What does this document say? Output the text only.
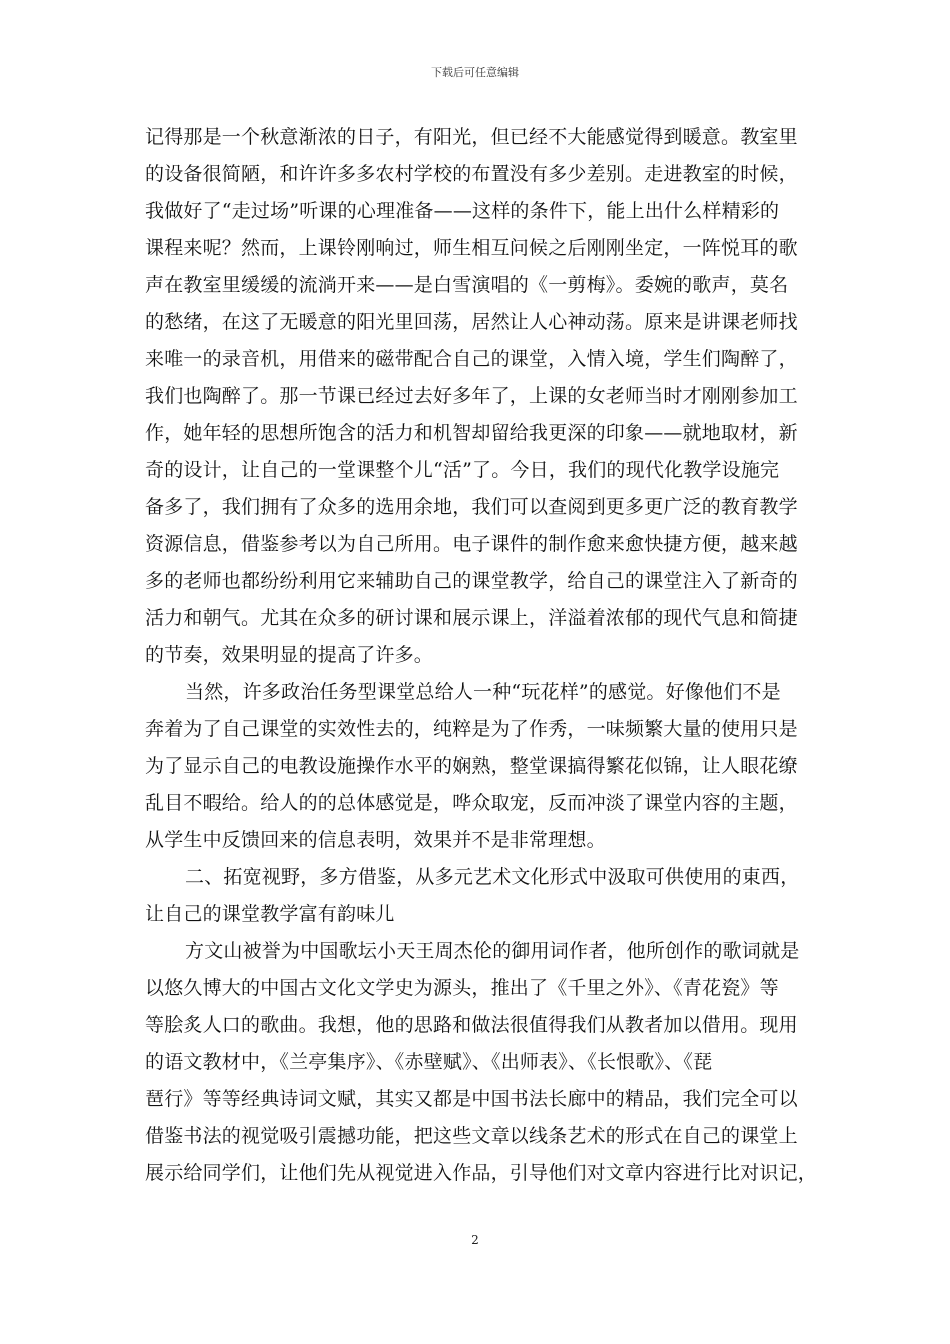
下载后可任意编辑
记得那是一个秋意渐浓的日子，有阳光，但已经不大能感觉得到暖意。教室里
的设备很简陋，和许许多多农村学校的布置没有多少差别。走进教室的时候，
我做好了“走过场”听课的心理准备——这样的条件下，能上出什么样精彩的
课程来呢？然而，上课铃刚响过，师生相互问候之后刚刚坐定，一阵悦耳的歌
声在教室里缓缓的流淌开来——是白雪演唱的《一剪梅》。委婉的歌声，莫名
的愁绪，在这了无暖意的阳光里回荡，居然让人心神动荡。原来是讲课老师找
来唯一的录音机，用借来的磁带配合自己的课堂，入情入境，学生们陶醉了，
我们也陶醉了。那一节课已经过去好多年了，上课的女老师当时才刚刚参加工
作，她年轻的思想所饱含的活力和机智却留给我更深的印象——就地取材，新
奇的设计，让自己的一堂课整个儿“活”了。今日，我们的现代化教学设施完
备多了，我们拥有了众多的选用余地，我们可以查阅到更多更广泛的教育教学
资源信息，借鉴参考以为自己所用。电子课件的制作愈来愈快捷方便，越来越
多的老师也都纷纷利用它来辅助自己的课堂教学，给自己的课堂注入了新奇的
活力和朝气。尤其在众多的研讨课和展示课上，洋溢着浓郁的现代气息和简捷
的节奏，效果明显的提高了许多。
当然，许多政治任务型课堂总给人一种“玩花样”的感觉。好像他们不是
奔着为了自己课堂的实效性去的，纯粹是为了作秀，一味频繁大量的使用只是
为了显示自己的电教设施操作水平的娴熟，整堂课搞得繁花似锦，让人眼花缭
乱目不暇给。给人的的总体感觉是，哗众取宠，反而冲淡了课堂内容的主题，
从学生中反馈回来的信息表明，效果并不是非常理想。
二、拓宽视野，多方借鉴，从多元艺术文化形式中汲取可供使用的東西，
让自己的课堂教学富有韵味儿
方文山被誉为中国歌坛小天王周杰伦的御用词作者，他所创作的歌词就是
以悠久博大的中国古文化文学史为源头，推出了《千里之外》、《青花瓷》等
等脍炙人口的歌曲。我想，他的思路和做法很值得我们从教者加以借用。现用
的语文教材中，《兰亭集序》、《赤壁赋》、《出师表》、《长恨歌》、《琵
琶行》等等经典诗词文赋，其实又都是中国书法长廊中的精品，我们完全可以
借鉴书法的视觉吸引震撼功能，把这些文章以线条艺术的形式在自己的课堂上
展示给同学们，让他们先从视觉进入作品，引导他们对文章内容进行比对识记，
2
